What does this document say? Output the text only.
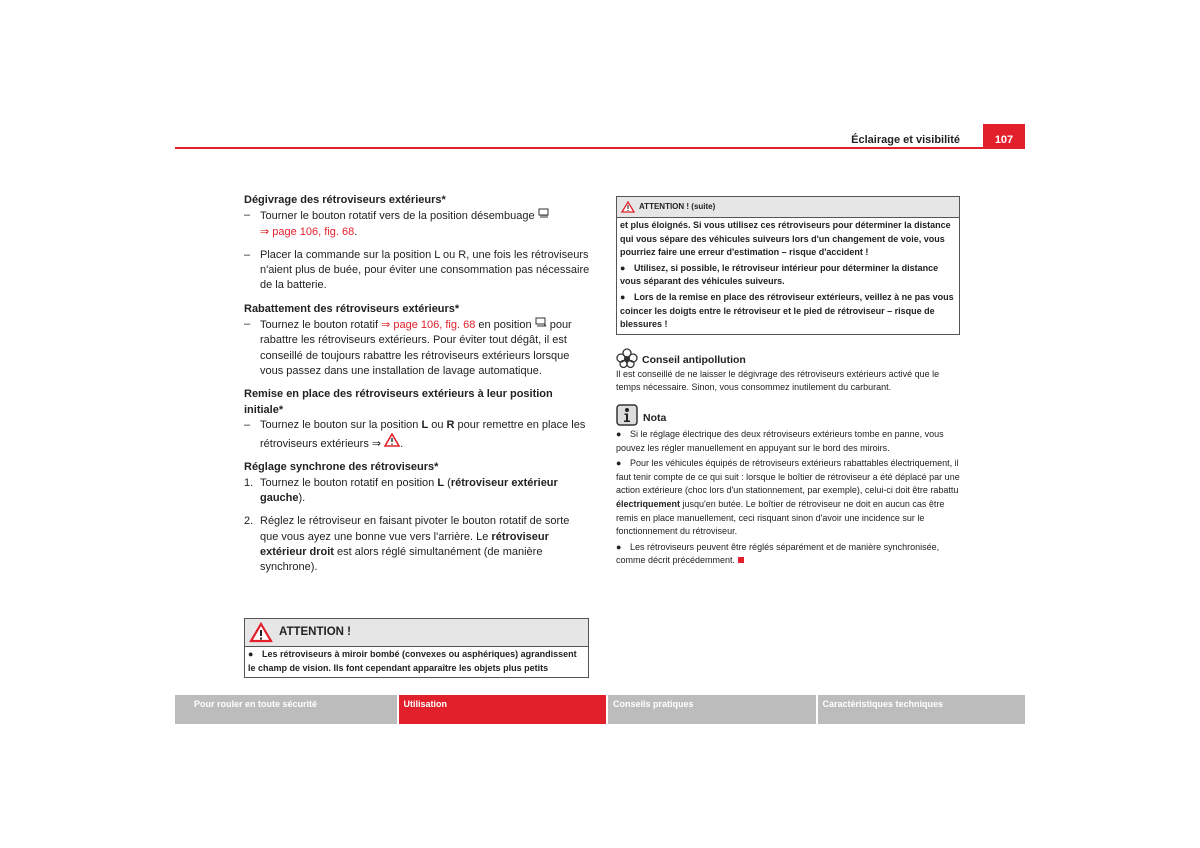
Éclairage et visibilité	107
Dégivrage des rétroviseurs extérieurs*
– Tourner le bouton rotatif vers de la position désembuage
⇒ page 106, fig. 68.
– Placer la commande sur la position L ou R, une fois les rétroviseurs n'aient plus de buée, pour éviter une consommation pas nécessaire de la batterie.
Rabattement des rétroviseurs extérieurs*
– Tournez le bouton rotatif ⇒ page 106, fig. 68 en position pour rabattre les rétroviseurs extérieurs. Pour éviter tout dégât, il est conseillé de toujours rabattre les rétroviseurs extérieurs lorsque vous passez dans une installation de lavage automatique.
Remise en place des rétroviseurs extérieurs à leur position initiale*
– Tournez le bouton sur la position L ou R pour remettre en place les rétroviseurs extérieurs ⇒ .
Réglage synchrone des rétroviseurs*
1. Tournez le bouton rotatif en position L (rétroviseur extérieur gauche).
2. Réglez le rétroviseur en faisant pivoter le bouton rotatif de sorte que vous ayez une bonne vue vers l'arrière. Le rétroviseur extérieur droit est alors réglé simultanément (de manière synchrone).
ATTENTION !
● Les rétroviseurs à miroir bombé (convexes ou asphériques) agrandissent le champ de vision. Ils font cependant apparaître les objets plus petits
ATTENTION ! (suite)
et plus éloignés. Si vous utilisez ces rétroviseurs pour déterminer la distance qui vous sépare des véhicules suiveurs lors d'un changement de voie, vous pourriez faire une erreur d'estimation – risque d'accident !
● Utilisez, si possible, le rétroviseur intérieur pour déterminer la distance vous séparant des véhicules suiveurs.
● Lors de la remise en place des rétroviseur extérieurs, veillez à ne pas vous coincer les doigts entre le rétroviseur et le pied de rétroviseur – risque de blessures !
Conseil antipollution
Il est conseillé de ne laisser le dégivrage des rétroviseurs extérieurs activé que le temps nécessaire. Sinon, vous consommez inutilement du carburant.
Nota
● Si le réglage électrique des deux rétroviseurs extérieurs tombe en panne, vous pouvez les régler manuellement en appuyant sur le bord des miroirs.
● Pour les véhicules équipés de rétroviseurs extérieurs rabattables électriquement, il faut tenir compte de ce qui suit : lorsque le boîtier de rétroviseur a été déplacé par une action extérieure (choc lors d'un stationnement, par exemple), celui-ci doit être rabattu électriquement jusqu'en butée. Le boîtier de rétroviseur ne doit en aucun cas être remis en place manuellement, ceci risquant sinon d'avoir une incidence sur le fonctionnement du rétroviseur.
● Les rétroviseurs peuvent être réglés séparément et de manière synchronisée, comme décrit précédemment.
Pour rouler en toute sécurité	Utilisation	Conseils pratiques	Caractéristiques techniques
